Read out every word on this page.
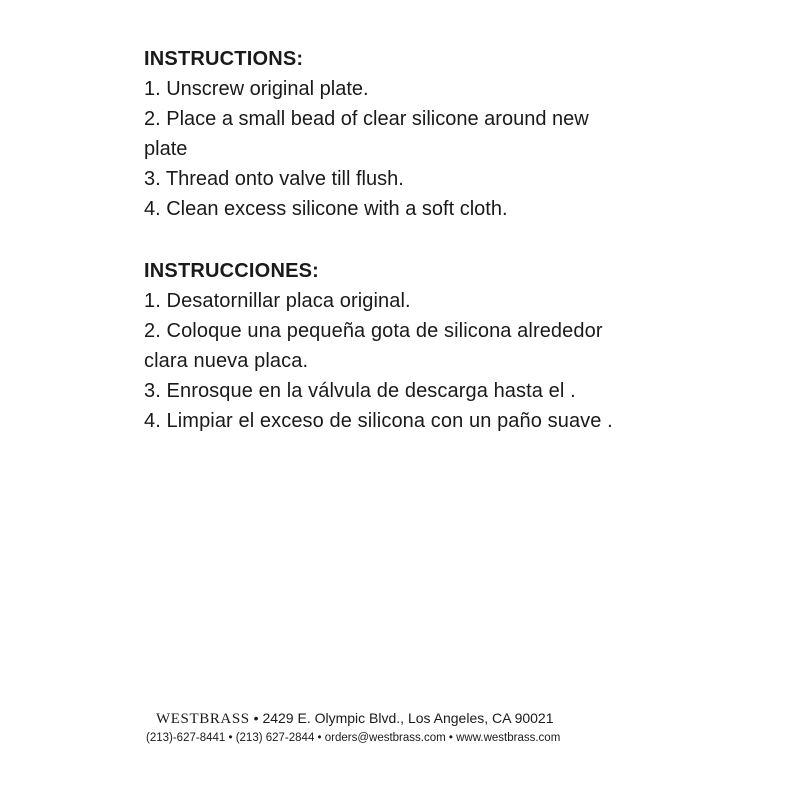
INSTRUCTIONS:

1. Unscrew original plate.

2. Place a small bead of clear silicone around new plate

3. Thread onto valve till flush.

4. Clean excess silicone with a soft cloth.

INSTRUCCIONES:

1. Desatornillar placa original.

2. Coloque una pequeña gota de silicona alrededor clara nueva placa.

3. Enrosque en la válvula de descarga hasta el .

4. Limpiar el exceso de silicona con un paño suave .

WESTBRASS • 2429 E. Olympic Blvd., Los Angeles, CA 90021
(213)-627-8441 • (213) 627-2844 • orders@westbrass.com • www.westbrass.com
